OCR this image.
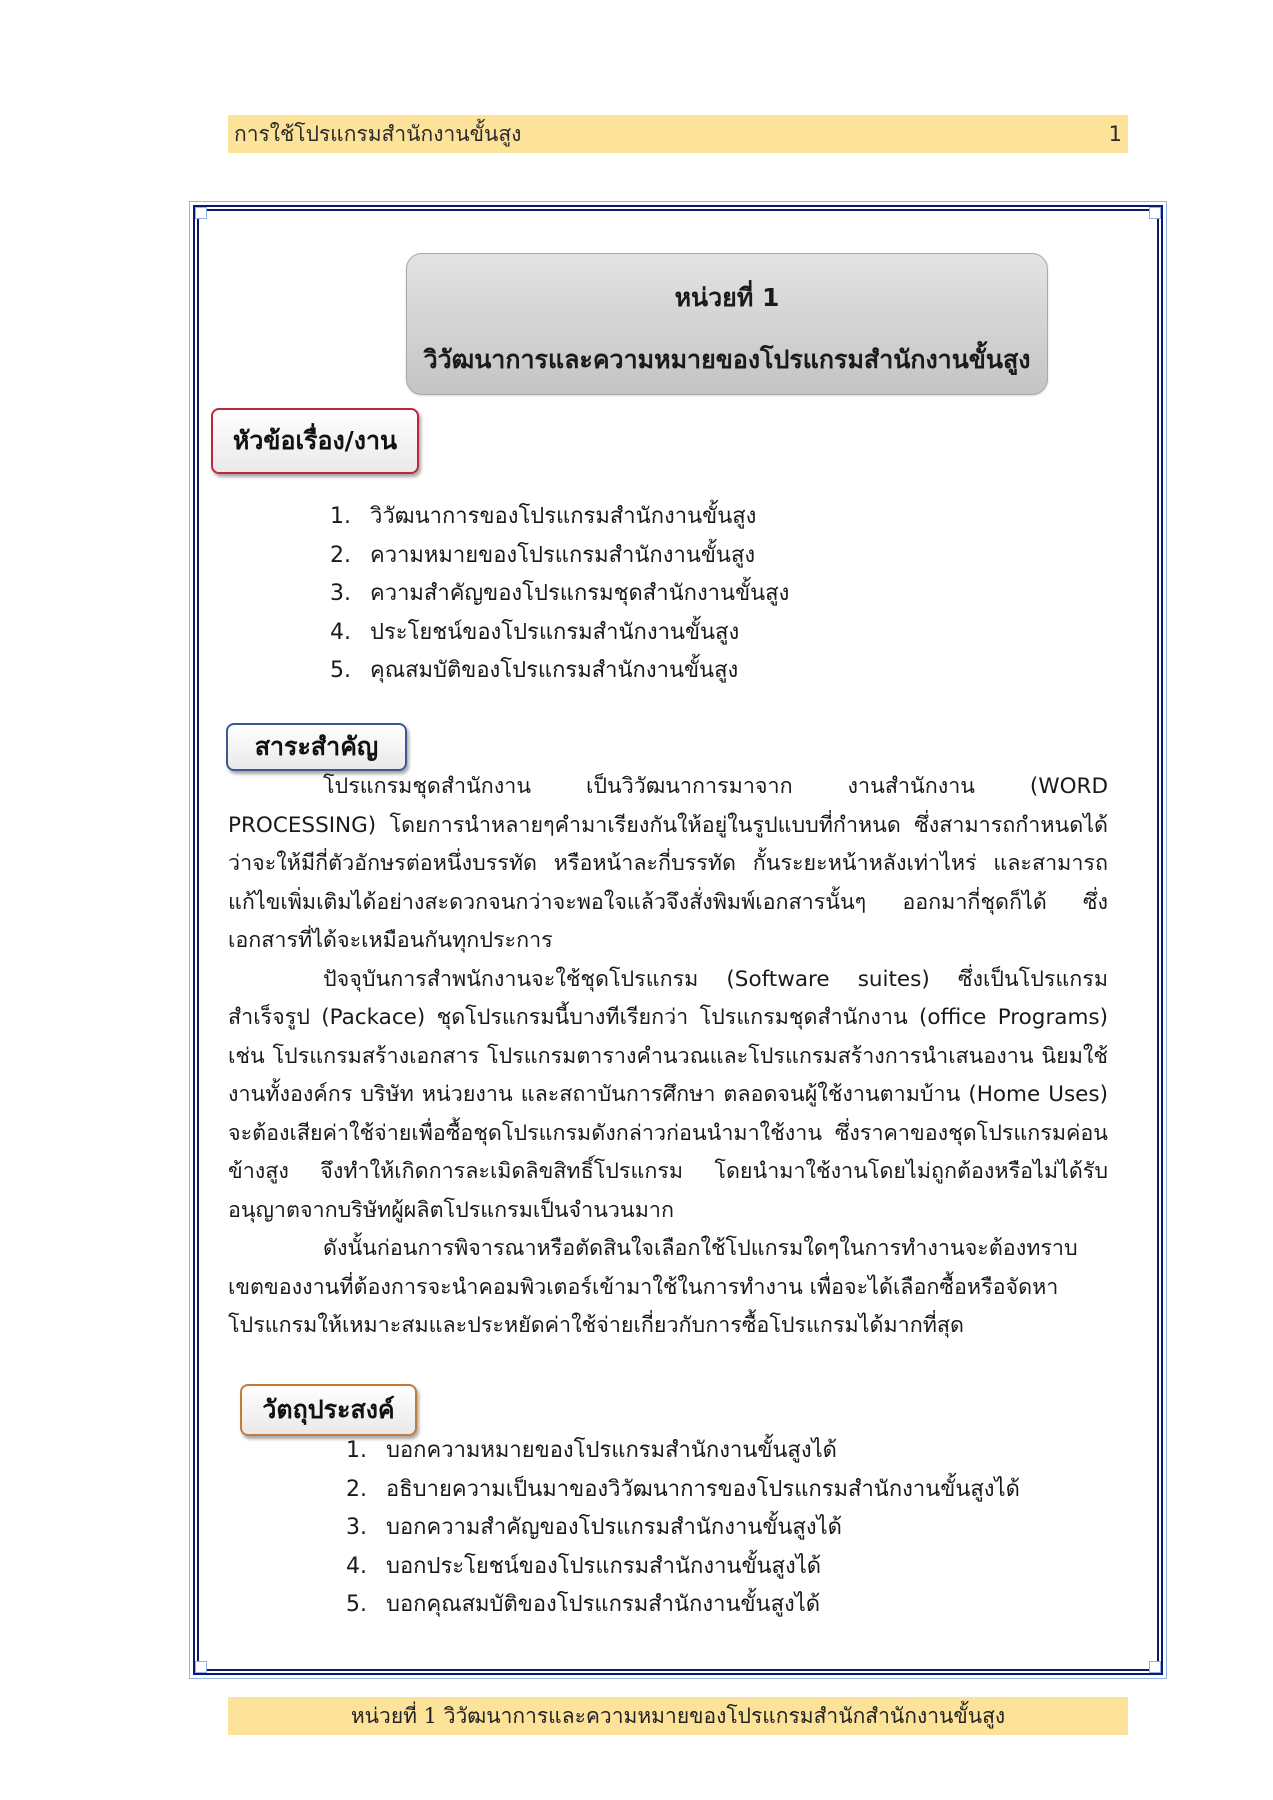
การใช้โปรแกรมสำนักงานขั้นสูง	1
หน่วยที่ 1
วิวัฒนาการและความหมายของโปรแกรมสำนักงานขั้นสูง
หัวข้อเรื่อง/งาน
1. วิวัฒนาการของโปรแกรมสำนักงานขั้นสูง
2. ความหมายของโปรแกรมสำนักงานขั้นสูง
3. ความสำคัญของโปรแกรมชุดสำนักงานขั้นสูง
4. ประโยชน์ของโปรแกรมสำนักงานขั้นสูง
5. คุณสมบัติของโปรแกรมสำนักงานขั้นสูง
สาระสำคัญ

โปรแกรมชุดสำนักงาน เป็นวิวัฒนาการมาจาก งานสำนักงาน (WORD PROCESSING) โดยการนำหลายๆคำมาเรียงกันให้อยู่ในรูปแบบที่กำหนด ซึ่งสามารถกำหนดได้ว่าจะให้มีกี่ตัวอักษรต่อหนึ่งบรรทัด หรือหน้าละกี่บรรทัด กั้นระยะหน้าหลังเท่าไหร่ และสามารถแก้ไขเพิ่มเติมได้อย่างสะดวกจนกว่าจะพอใจแล้วจึงสั่งพิมพ์เอกสารนั้นๆ ออกมากี่ชุดก็ได้ ซึ่งเอกสารที่ได้จะเหมือนกันทุกประการ

ปัจจุบันการสำพนักงานจะใช้ชุดโปรแกรม (Software suites) ซึ่งเป็นโปรแกรมสำเร็จรูป (Packace) ชุดโปรแกรมนี้บางทีเรียกว่า โปรแกรมชุดสำนักงาน (office Programs) เช่น โปรแกรมสร้างเอกสาร โปรแกรมตารางคำนวณและโปรแกรมสร้างการนำเสนองาน นิยมใช้งานทั้งองค์กร บริษัท หน่วยงาน และสถาบันการศึกษา ตลอดจนผู้ใช้งานตามบ้าน (Home Uses) จะต้องเสียค่าใช้จ่ายเพื่อซื้อชุดโปรแกรมดังกล่าวก่อนนำมาใช้งาน ซึ่งราคาของชุดโปรแกรมค่อนข้างสูง จึงทำให้เกิดการละเมิดลิขสิทธิ์โปรแกรม โดยนำมาใช้งานโดยไม่ถูกต้องหรือไม่ได้รับอนุญาตจากบริษัทผู้ผลิตโปรแกรมเป็นจำนวนมาก

ดังนั้นก่อนการพิจารณาหรือตัดสินใจเลือกใช้โปแกรมใดๆในการทำงานจะต้องทราบเขตของงานที่ต้องการจะนำคอมพิวเตอร์เข้ามาใช้ในการทำงาน เพื่อจะได้เลือกซื้อหรือจัดหาโปรแกรมให้เหมาะสมและประหยัดค่าใช้จ่ายเกี่ยวกับการซื้อโปรแกรมได้มากที่สุด

วัตถุประสงค์
1. บอกความหมายของโปรแกรมสำนักงานขั้นสูงได้
2. อธิบายความเป็นมาของวิวัฒนาการของโปรแกรมสำนักงานขั้นสูงได้
3. บอกความสำคัญของโปรแกรมสำนักงานขั้นสูงได้
4. บอกประโยชน์ของโปรแกรมสำนักงานขั้นสูงได้
5. บอกคุณสมบัติของโปรแกรมสำนักงานขั้นสูงได้
หน่วยที่ 1 วิวัฒนาการและความหมายของโปรแกรมสำนักสำนักงานขั้นสูง
